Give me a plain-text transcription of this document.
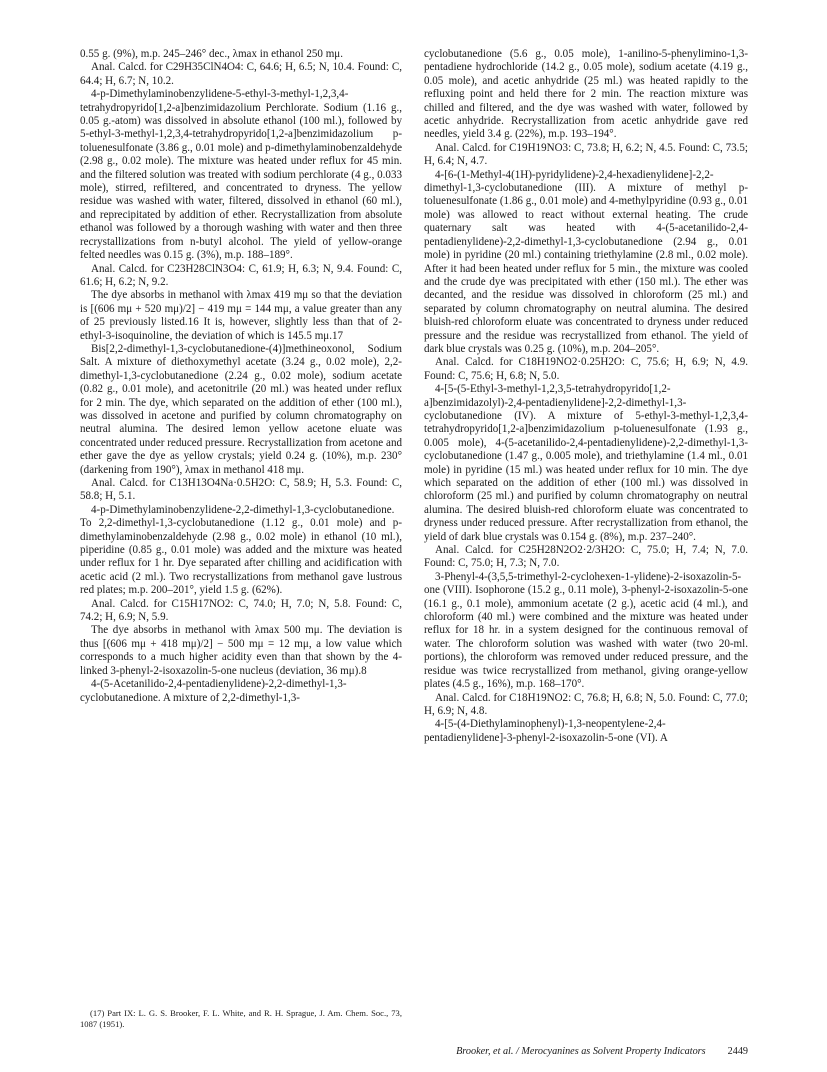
0.55 g. (9%), m.p. 245–246° dec., λmax in ethanol 250 mμ.

Anal. Calcd. for C29H35ClN4O4: C, 64.6; H, 6.5; N, 10.4. Found: C, 64.4; H, 6.7; N, 10.2.

4-p-Dimethylaminobenzylidene-5-ethyl-3-methyl-1,2,3,4-tetrahydropyrido[1,2-a]benzimidazolium Perchlorate. Sodium (1.16 g., 0.05 g.-atom) was dissolved in absolute ethanol (100 ml.), followed by 5-ethyl-3-methyl-1,2,3,4-tetrahydropyrido[1,2-a]benzimidazolium p-toluenesulfonate (3.86 g., 0.01 mole) and p-dimethylaminobenzaldehyde (2.98 g., 0.02 mole). The mixture was heated under reflux for 45 min. and the filtered solution was treated with sodium perchlorate (4 g., 0.033 mole), stirred, refiltered, and concentrated to dryness. The yellow residue was washed with water, filtered, dissolved in ethanol (60 ml.), and reprecipitated by addition of ether. Recrystallization from absolute ethanol was followed by a thorough washing with water and then three recrystallizations from n-butyl alcohol. The yield of yellow-orange felted needles was 0.15 g. (3%), m.p. 188–189°.

Anal. Calcd. for C23H28ClN3O4: C, 61.9; H, 6.3; N, 9.4. Found: C, 61.6; H, 6.2; N, 9.2.

The dye absorbs in methanol with λmax 419 mμ so that the deviation is [(606 mμ + 520 mμ)/2] − 419 mμ = 144 mμ, a value greater than any of 25 previously listed.16 It is, however, slightly less than that of 2-ethyl-3-isoquinoline, the deviation of which is 145.5 mμ.17

Bis[2,2-dimethyl-1,3-cyclobutanedione-(4)]methineoxonol, Sodium Salt. A mixture of diethoxymethyl acetate (3.24 g., 0.02 mole), 2,2-dimethyl-1,3-cyclobutanedione (2.24 g., 0.02 mole), sodium acetate (0.82 g., 0.01 mole), and acetonitrile (20 ml.) was heated under reflux for 2 min. The dye, which separated on the addition of ether (100 ml.), was dissolved in acetone and purified by column chromatography on neutral alumina. The desired lemon yellow acetone eluate was concentrated under reduced pressure. Recrystallization from acetone and ether gave the dye as yellow crystals; yield 0.24 g. (10%), m.p. 230° (darkening from 190°), λmax in methanol 418 mμ.

Anal. Calcd. for C13H13O4Na·0.5H2O: C, 58.9; H, 5.3. Found: C, 58.8; H, 5.1.

4-p-Dimethylaminobenzylidene-2,2-dimethyl-1,3-cyclobutanedione. To 2,2-dimethyl-1,3-cyclobutanedione (1.12 g., 0.01 mole) and p-dimethylaminobenzaldehyde (2.98 g., 0.02 mole) in ethanol (10 ml.), piperidine (0.85 g., 0.01 mole) was added and the mixture was heated under reflux for 1 hr. Dye separated after chilling and acidification with acetic acid (2 ml.). Two recrystallizations from methanol gave lustrous red plates; m.p. 200–201°, yield 1.5 g. (62%).

Anal. Calcd. for C15H17NO2: C, 74.0; H, 7.0; N, 5.8. Found: C, 74.2; H, 6.9; N, 5.9.

The dye absorbs in methanol with λmax 500 mμ. The deviation is thus [(606 mμ + 418 mμ)/2] − 500 mμ = 12 mμ, a low value which corresponds to a much higher acidity even than that shown by the 4-linked 3-phenyl-2-isoxazolin-5-one nucleus (deviation, 36 mμ).8

4-(5-Acetanilido-2,4-pentadienylidene)-2,2-dimethyl-1,3-cyclobutanedione. A mixture of 2,2-dimethyl-1,3-

cyclobutanedione (5.6 g., 0.05 mole), 1-anilino-5-phenylimino-1,3-pentadiene hydrochloride (14.2 g., 0.05 mole), sodium acetate (4.19 g., 0.05 mole), and acetic anhydride (25 ml.) was heated rapidly to the refluxing point and held there for 2 min. The reaction mixture was chilled and filtered, and the dye was washed with water, followed by acetic anhydride. Recrystallization from acetic anhydride gave red needles, yield 3.4 g. (22%), m.p. 193–194°.

Anal. Calcd. for C19H19NO3: C, 73.8; H, 6.2; N, 4.5. Found: C, 73.5; H, 6.4; N, 4.7.

4-[6-(1-Methyl-4(1H)-pyridylidene)-2,4-hexadienylidene]-2,2-dimethyl-1,3-cyclobutanedione (III). A mixture of methyl p-toluenesulfonate (1.86 g., 0.01 mole) and 4-methylpyridine (0.93 g., 0.01 mole) was allowed to react without external heating. The crude quaternary salt was heated with 4-(5-acetanilido-2,4-pentadienylidene)-2,2-dimethyl-1,3-cyclobutanedione (2.94 g., 0.01 mole) in pyridine (20 ml.) containing triethylamine (2.8 ml., 0.02 mole). After it had been heated under reflux for 5 min., the mixture was cooled and the crude dye was precipitated with ether (150 ml.). The ether was decanted, and the residue was dissolved in chloroform (25 ml.) and separated by column chromatography on neutral alumina. The desired bluish-red chloroform eluate was concentrated to dryness under reduced pressure and the residue was recrystallized from ethanol. The yield of dark blue crystals was 0.25 g. (10%), m.p. 204–205°.

Anal. Calcd. for C18H19NO2·0.25H2O: C, 75.6; H, 6.9; N, 4.9. Found: C, 75.6; H, 6.8; N, 5.0.

4-[5-(5-Ethyl-3-methyl-1,2,3,5-tetrahydropyrido[1,2-a]benzimidazolyl)-2,4-pentadienylidene]-2,2-dimethyl-1,3-cyclobutanedione (IV). A mixture of 5-ethyl-3-methyl-1,2,3,4-tetrahydropyrido[1,2-a]benzimidazolium p-toluenesulfonate (1.93 g., 0.005 mole), 4-(5-acetanilido-2,4-pentadienylidene)-2,2-dimethyl-1,3-cyclobutanedione (1.47 g., 0.005 mole), and triethylamine (1.4 ml., 0.01 mole) in pyridine (15 ml.) was heated under reflux for 10 min. The dye which separated on the addition of ether (100 ml.) was dissolved in chloroform (25 ml.) and purified by column chromatography on neutral alumina. The desired bluish-red chloroform eluate was concentrated to dryness under reduced pressure. After recrystallization from ethanol, the yield of dark blue crystals was 0.154 g. (8%), m.p. 237–240°.

Anal. Calcd. for C25H28N2O2·2/3H2O: C, 75.0; H, 7.4; N, 7.0. Found: C, 75.0; H, 7.3; N, 7.0.

3-Phenyl-4-(3,5,5-trimethyl-2-cyclohexen-1-ylidene)-2-isoxazolin-5-one (VIII). Isophorone (15.2 g., 0.11 mole), 3-phenyl-2-isoxazolin-5-one (16.1 g., 0.1 mole), ammonium acetate (2 g.), acetic acid (4 ml.), and chloroform (40 ml.) were combined and the mixture was heated under reflux for 18 hr. in a system designed for the continuous removal of water. The chloroform solution was washed with water (two 20-ml. portions), the chloroform was removed under reduced pressure, and the residue was twice recrystallized from methanol, giving orange-yellow plates (4.5 g., 16%), m.p. 168–170°.

Anal. Calcd. for C18H19NO2: C, 76.8; H, 6.8; N, 5.0. Found: C, 77.0; H, 6.9; N, 4.8.

4-[5-(4-Diethylaminophenyl)-1,3-neopentylene-2,4-pentadienylidene]-3-phenyl-2-isoxazolin-5-one (VI). A

(17) Part IX: L. G. S. Brooker, F. L. White, and R. H. Sprague, J. Am. Chem. Soc., 73, 1087 (1951).

Brooker, et al. / Merocyanines as Solvent Property Indicators 2449
